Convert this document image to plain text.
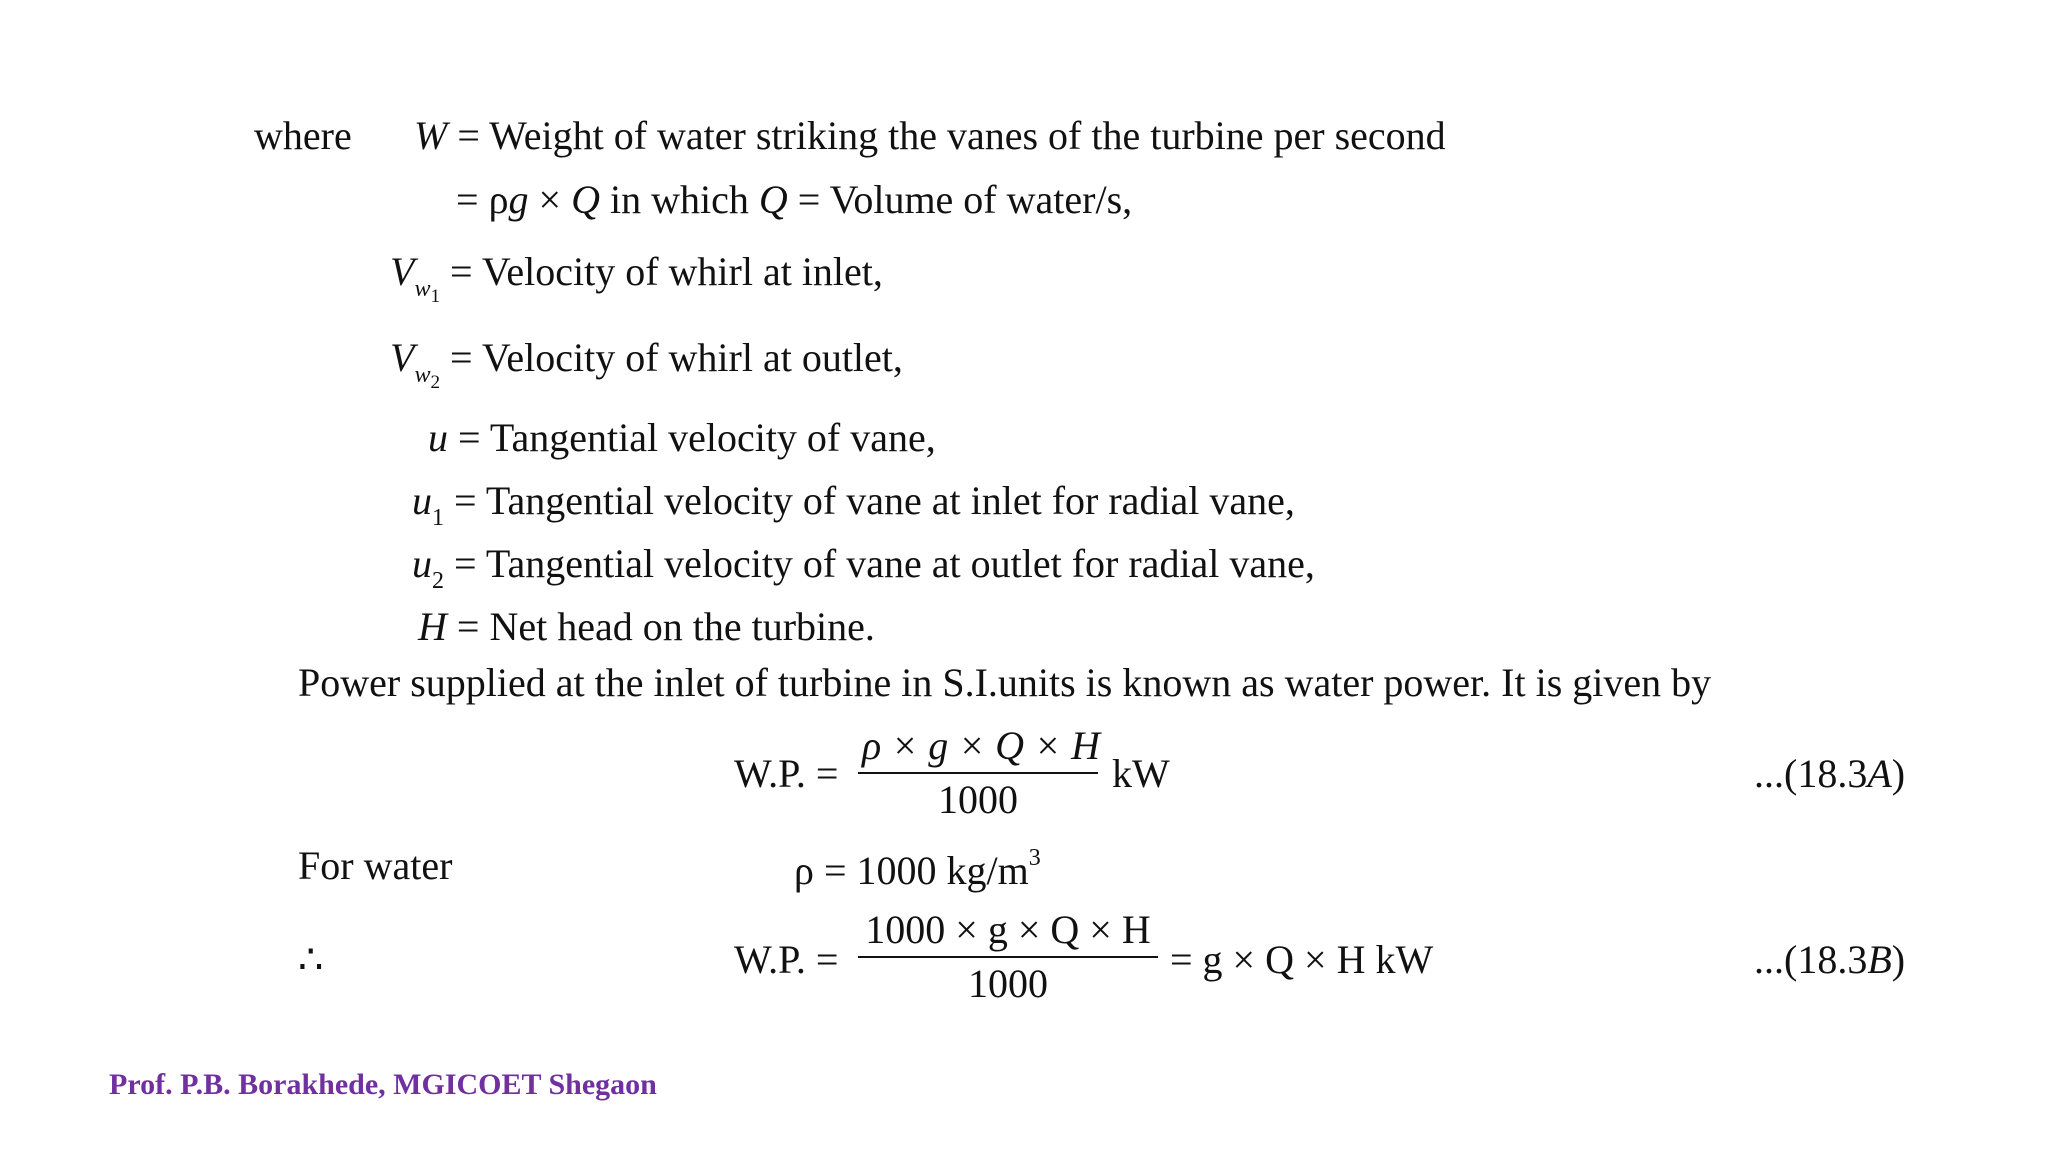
where W = Weight of water striking the vanes of the turbine per second
= ρg × Q in which Q = Volume of water/s,
$V_{w_1}$ = Velocity of whirl at inlet,
$V_{w_2}$ = Velocity of whirl at outlet,
u = Tangential velocity of vane,
$u_1$ = Tangential velocity of vane at inlet for radial vane,
$u_2$ = Tangential velocity of vane at outlet for radial vane,
H = Net head on the turbine.
Power supplied at the inlet of turbine in S.I.units is known as water power. It is given by
W.P. =
ρ × g × Q × H
1000
kW	...(18.3A)
For water	ρ = 1000 $kg/m^3$
∴	W.P. =
1000 × g × Q × H
1000
= g × Q × H kW	...(18.3B)
Prof. P.B. Borakhede, MGICOET Shegaon
